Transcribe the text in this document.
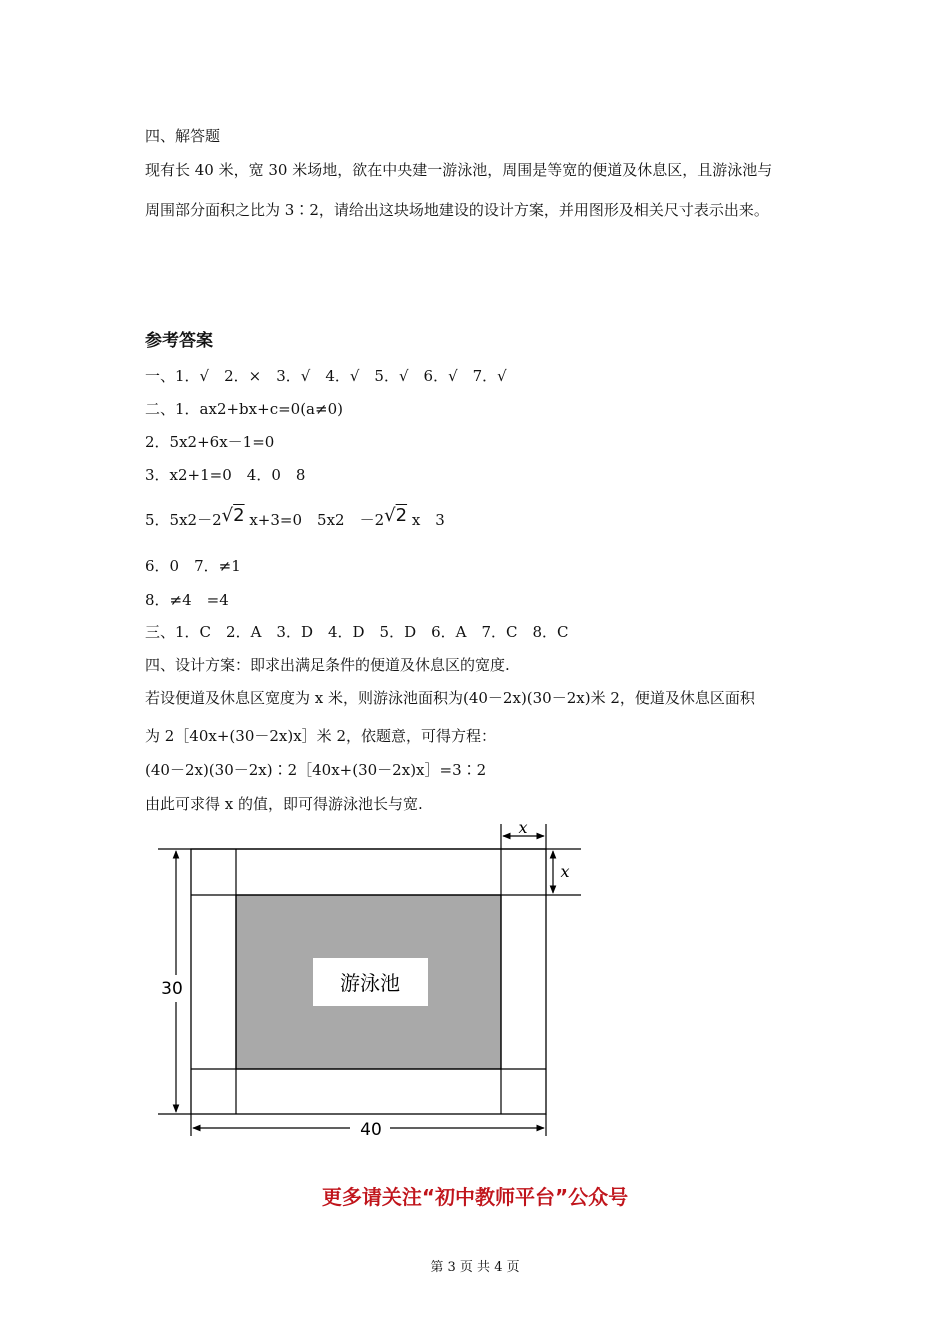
四、解答题
现有长 40 米，宽 30 米场地，欲在中央建一游泳池，周围是等宽的便道及休息区，且游泳池与
周围部分面积之比为 3∶2，请给出这块场地建设的设计方案，并用图形及相关尺寸表示出来。
参考答案
一、1．√　2．×　3．√　4．√　5．√　6．√　7．√
二、1．ax2+bx+c=0(a≠0)
2．5x2+6x－1=0
3．x2+1=0　4．0　8
5．5x2－2√2 x+3=0　5x2　－2√2 x　3
6．0　7．≠1
8．≠4　=4
三、1．C　2．A　3．D　4．D　5．D　6．A　7．C　8．C
四、设计方案：即求出满足条件的便道及休息区的宽度.
若设便道及休息区宽度为 x 米，则游泳池面积为(40－2x)(30－2x)米 2，便道及休息区面积
为 2［40x+(30－2x)x］米 2，依题意，可得方程：
(40－2x)(30－2x)∶2［40x+(30－2x)x］=3∶2
由此可求得 x 的值，即可得游泳池长与宽.
30
40
x
x
游泳池
更多请关注“初中教师平台”公众号
第 3 页 共 4 页
